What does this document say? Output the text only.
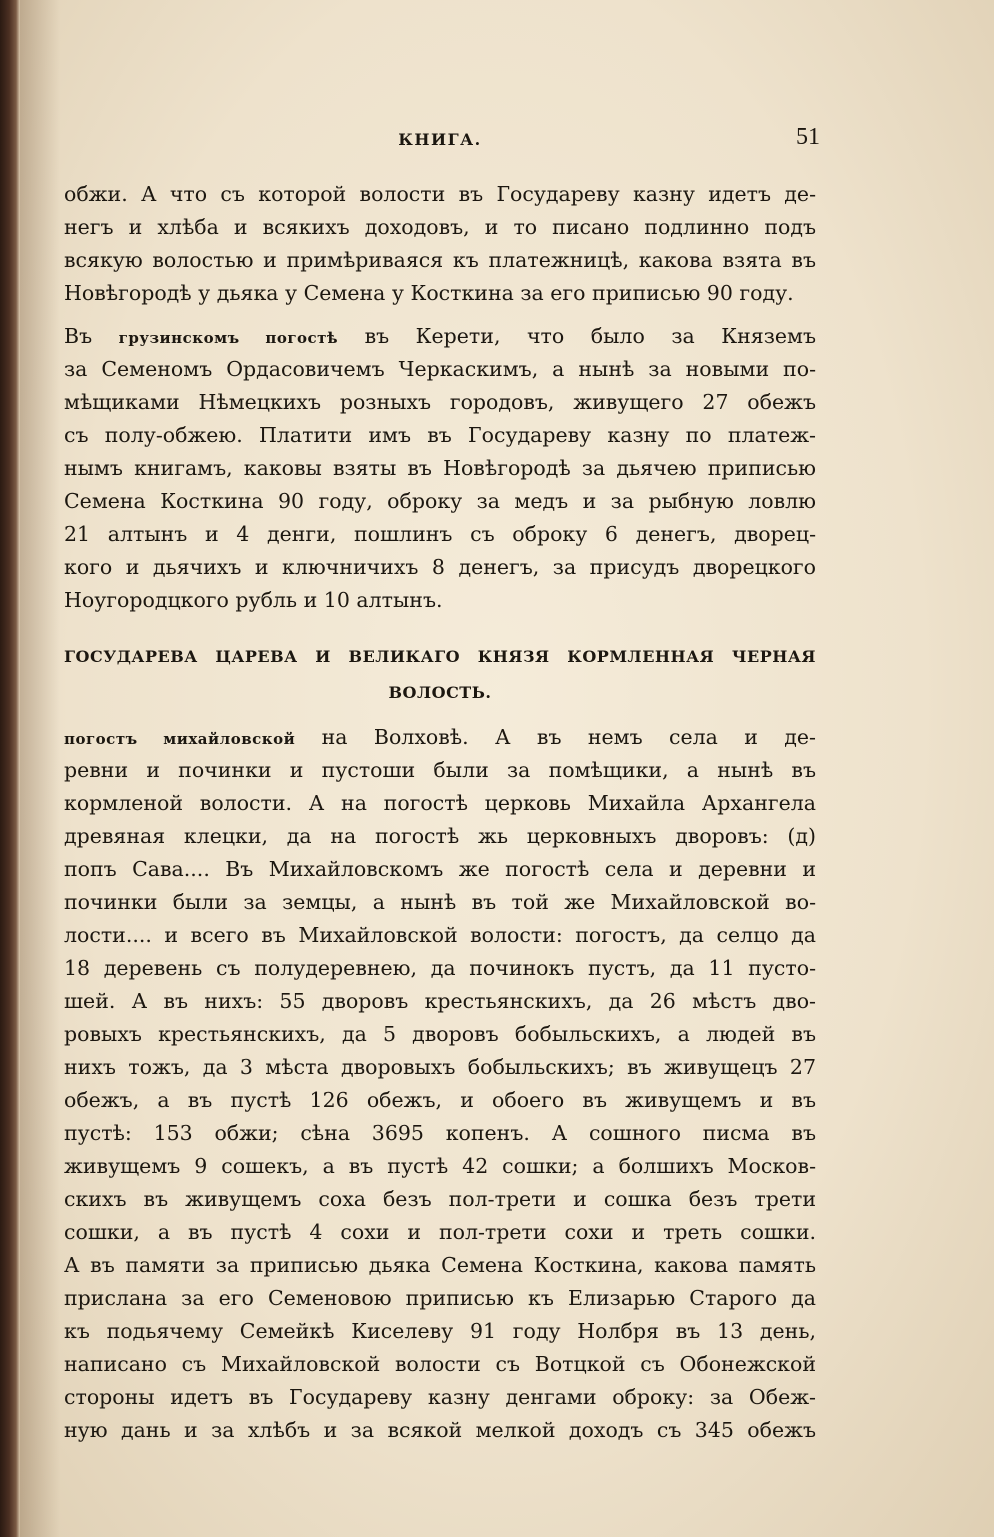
КНИГА.	51
обжи. А что съ которой волости въ Государеву казну идетъ де-
негъ и хлѣба и всякихъ доходовъ, и то писано подлинно подъ
всякую волостью и примѣриваяся къ платежницѣ, какова взята въ
Новѣгородѣ у дьяка у Семена у Косткина за его приписью 90 году.
Въ грузинскомъ погостѣ въ Керети, что было за Княземъ
за Семеномъ Ордасовичемъ Черкаскимъ, а нынѣ за новыми по-
мѣщиками Нѣмецкихъ розныхъ городовъ, живущего 27 обежъ
съ полу-обжею. Платити имъ въ Государеву казну по платеж-
нымъ книгамъ, каковы взяты въ Новѣгородѣ за дьячею приписью
Семена Косткина 90 году, оброку за медъ и за рыбную ловлю
21 алтынъ и 4 денги, пошлинъ съ оброку 6 денегъ, дворец-
кого и дьячихъ и ключничихъ 8 денегъ, за присудъ дворецкого
Ноугородцкого рубль и 10 алтынъ.
ГОСУДАРЕВА ЦАРЕВА И ВЕЛИКАГО КНЯЗЯ КОРМЛЕННАЯ ЧЕРНАЯ
ВОЛОСТЬ.
погостъ михайловской на Волховѣ. А въ немъ села и де-
ревни и починки и пустоши были за помѣщики, а нынѣ въ
кормленой волости. А на погостѣ церковь Михайла Архангела
древяная клецки, да на погостѣ жь церковныхъ дворовъ: (д)
попъ Сава.... Въ Михайловскомъ же погостѣ села и деревни и
починки были за земцы, а нынѣ въ той же Михайловской во-
лости.... и всего въ Михайловской волости: погостъ, да селцо да
18 деревень съ полудеревнею, да починокъ пустъ, да 11 пусто-
шей. А въ нихъ: 55 дворовъ крестьянскихъ, да 26 мѣстъ дво-
ровыхъ крестьянскихъ, да 5 дворовъ бобыльскихъ, а людей въ
нихъ тожъ, да 3 мѣста дворовыхъ бобыльскихъ; въ живущецъ 27
обежъ, а въ пустѣ 126 обежъ, и обоего въ живущемъ и въ
пустѣ: 153 обжи; сѣна 3695 копенъ. А сошного писма въ
живущемъ 9 сошекъ, а въ пустѣ 42 сошки; а болшихъ Москов-
скихъ въ живущемъ соха безъ пол-трети и сошка безъ трети
сошки, а въ пустѣ 4 сохи и пол-трети сохи и треть сошки.
А въ памяти за приписью дьяка Семена Косткина, какова память
прислана за его Семеновою приписью къ Елизарью Старого да
къ подьячему Семейкѣ Киселеву 91 году Нолбря въ 13 день,
написано съ Михайловской волости съ Вотцкой съ Обонежской
стороны идетъ въ Государеву казну денгами оброку: за Обеж-
ную дань и за хлѣбъ и за всякой мелкой доходъ съ 345 обежъ
